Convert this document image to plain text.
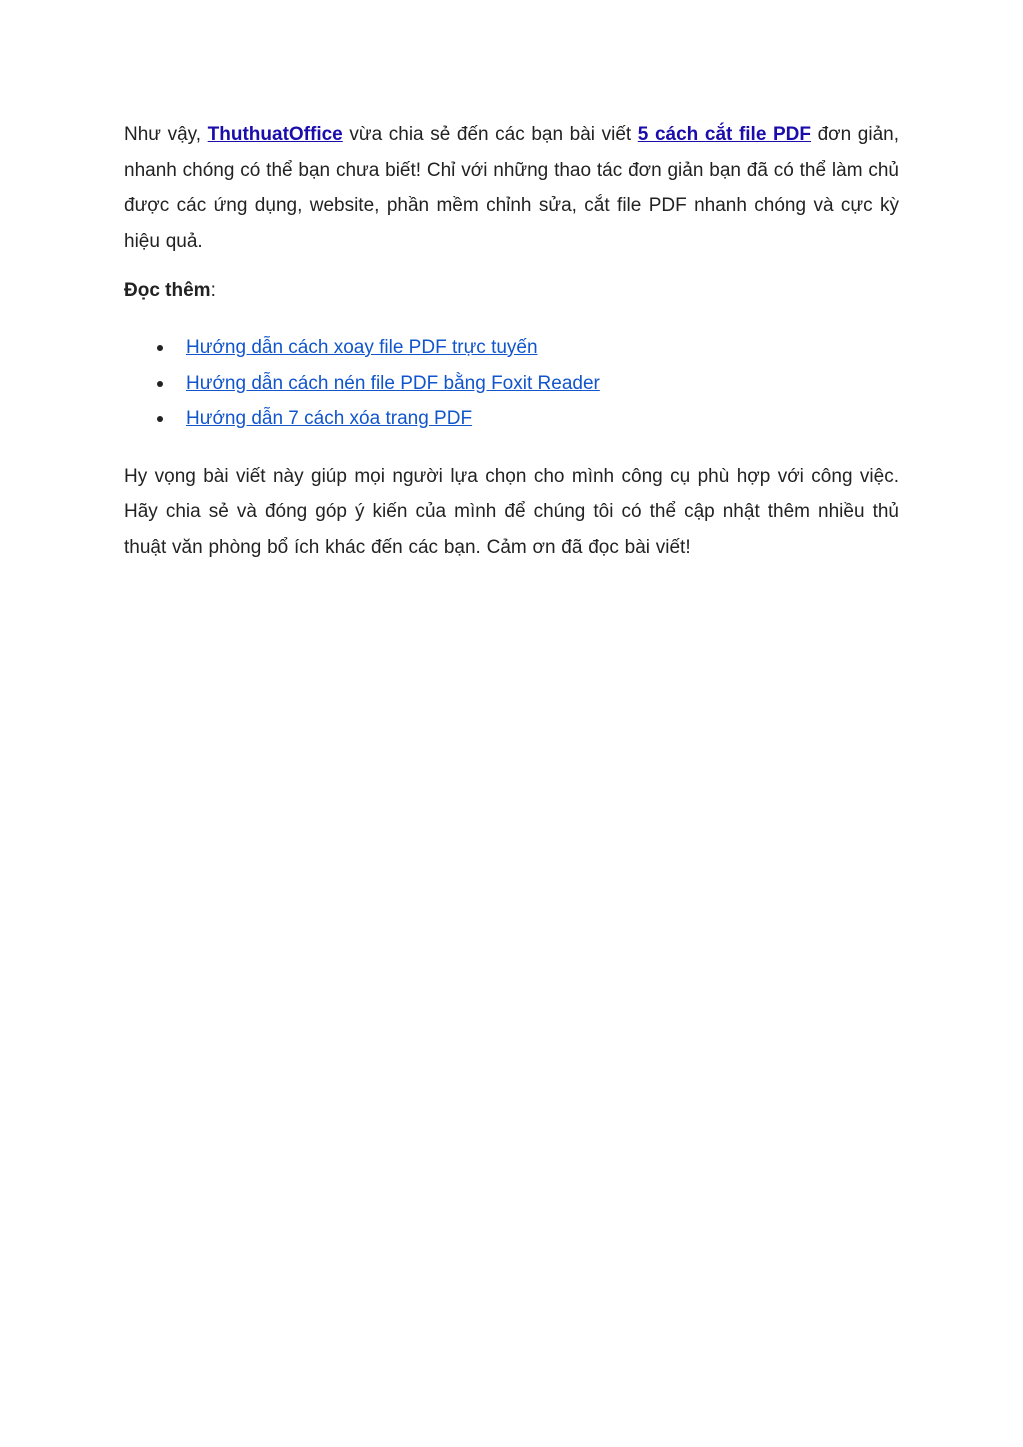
Như vậy, ThuthuatOffice vừa chia sẻ đến các bạn bài viết 5 cách cắt file PDF đơn giản, nhanh chóng có thể bạn chưa biết! Chỉ với những thao tác đơn giản bạn đã có thể làm chủ được các ứng dụng, website, phần mềm chỉnh sửa, cắt file PDF nhanh chóng và cực kỳ hiệu quả.

Đọc thêm:

Hướng dẫn cách xoay file PDF trực tuyến
Hướng dẫn cách nén file PDF bằng Foxit Reader
Hướng dẫn 7 cách xóa trang PDF

Hy vọng bài viết này giúp mọi người lựa chọn cho mình công cụ phù hợp với công việc. Hãy chia sẻ và đóng góp ý kiến của mình để chúng tôi có thể cập nhật thêm nhiều thủ thuật văn phòng bổ ích khác đến các bạn. Cảm ơn đã đọc bài viết!
